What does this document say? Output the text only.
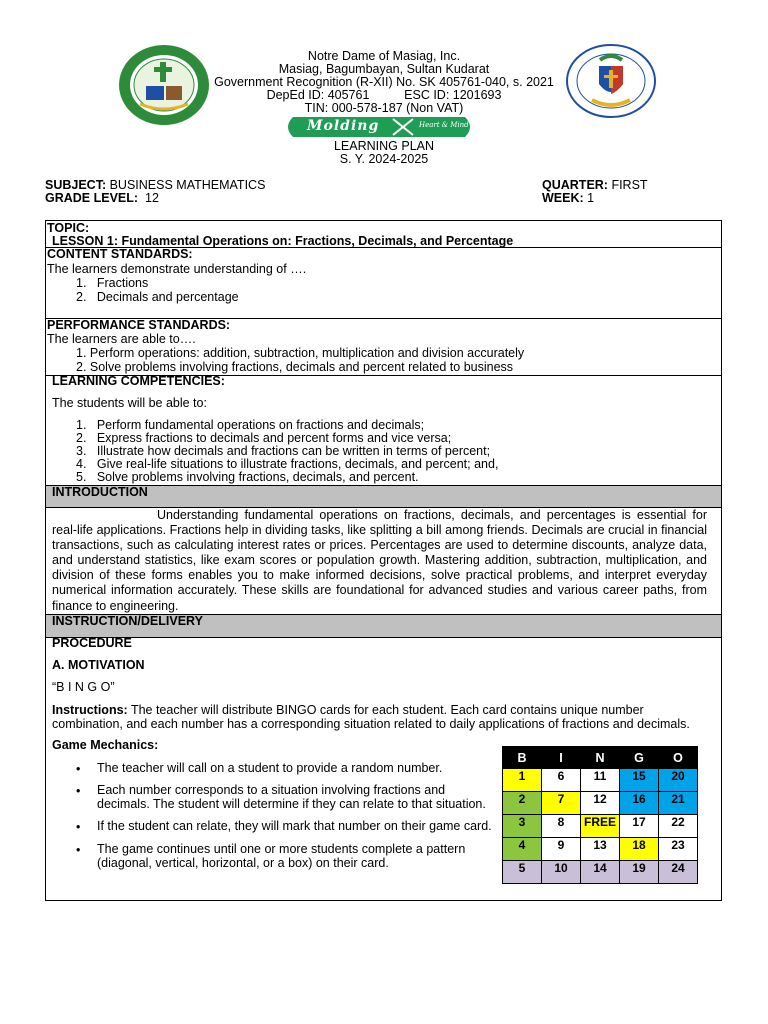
Notre Dame of Masiag, Inc.
Masiag, Bagumbayan, Sultan Kudarat
Government Recognition (R-XII) No. SK 405761-040, s. 2021
DepEd ID: 405761          ESC ID: 1201693
TIN: 000-578-187 (Non VAT)
Molding	Heart & Mind
LEARNING PLAN
S. Y. 2024-2025
SUBJECT: BUSINESS MATHEMATICS
GRADE LEVEL:  12
QUARTER: FIRST
WEEK: 1
TOPIC:
LESSON 1: Fundamental Operations on: Fractions, Decimals, and Percentage
CONTENT STANDARDS:
The learners demonstrate understanding of ….
1.   Fractions
2.   Decimals and percentage
PERFORMANCE STANDARDS:
The learners are able to….
1. Perform operations: addition, subtraction, multiplication and division accurately
2. Solve problems involving fractions, decimals and percent related to business
LEARNING COMPETENCIES:
The students will be able to:
1.   Perform fundamental operations on fractions and decimals;
2.   Express fractions to decimals and percent forms and vice versa;
3.   Illustrate how decimals and fractions can be written in terms of percent;
4.   Give real-life situations to illustrate fractions, decimals, and percent; and,
5.   Solve problems involving fractions, decimals, and percent.
INTRODUCTION
Understanding fundamental operations on fractions, decimals, and percentages is essential for real-life applications. Fractions help in dividing tasks, like splitting a bill among friends. Decimals are crucial in financial transactions, such as calculating interest rates or prices. Percentages are used to determine discounts, analyze data, and understand statistics, like exam scores or population growth. Mastering addition, subtraction, multiplication, and division of these forms enables you to make informed decisions, solve practical problems, and interpret everyday numerical information accurately. These skills are foundational for advanced studies and various career paths, from finance to engineering.
INSTRUCTION/DELIVERY
PROCEDURE
A. MOTIVATION
“B I N G O”
Instructions: The teacher will distribute BINGO cards for each student. Each card contains unique number combination, and each number has a corresponding situation related to daily applications of fractions and decimals.
Game Mechanics:
• The teacher will call on a student to provide a random number.
• Each number corresponds to a situation involving fractions and
decimals. The student will determine if they can relate to that situation.
• If the student can relate, they will mark that number on their game card.
• The game continues until one or more students complete a pattern
(diagonal, vertical, horizontal, or a box) on their card.
B	I	N	G	O
1	6	11	15	20
2	7	12	16	21
3	8	FREE	17	22
4	9	13	18	23
5	10	14	19	24
